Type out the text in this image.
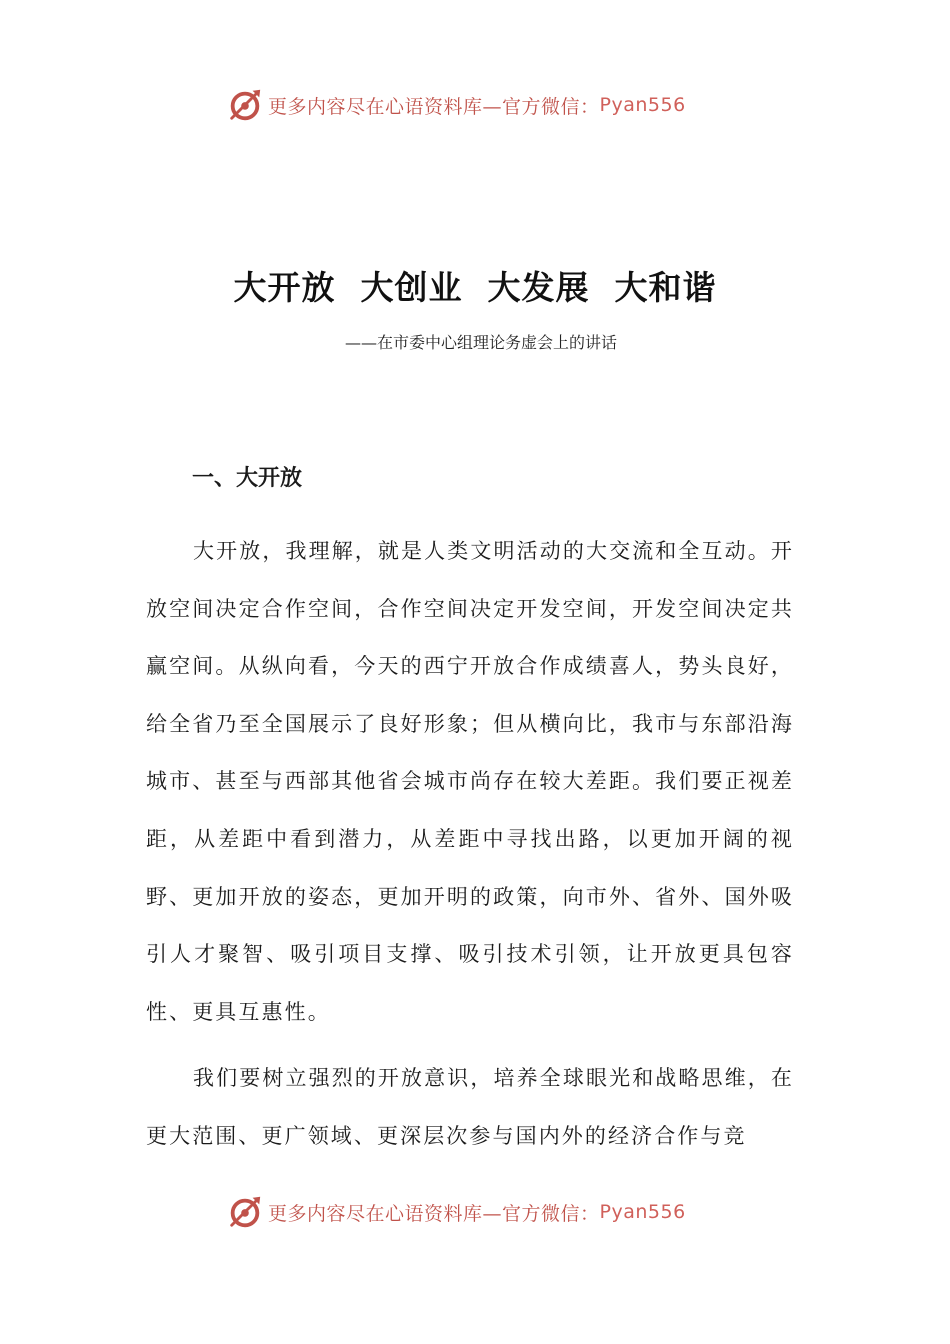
更多内容尽在心语资料库—官方微信： Pyan556
大开放  大创业  大发展  大和谐
——在市委中心组理论务虚会上的讲话
一、大开放

大开放，我理解，就是人类文明活动的大交流和全互动。开放空间决定合作空间，合作空间决定开发空间，开发空间决定共赢空间。从纵向看，今天的西宁开放合作成绩喜人，势头良好，给全省乃至全国展示了良好形象；但从横向比，我市与东部沿海城市、甚至与西部其他省会城市尚存在较大差距。我们要正视差距，从差距中看到潜力，从差距中寻找出路，以更加开阔的视野、更加开放的姿态，更加开明的政策，向市外、省外、国外吸引人才聚智、吸引项目支撑、吸引技术引领，让开放更具包容性、更具互惠性。

我们要树立强烈的开放意识，培养全球眼光和战略思维，在更大范围、更广领域、更深层次参与国内外的经济合作与竞

更多内容尽在心语资料库—官方微信： Pyan556
